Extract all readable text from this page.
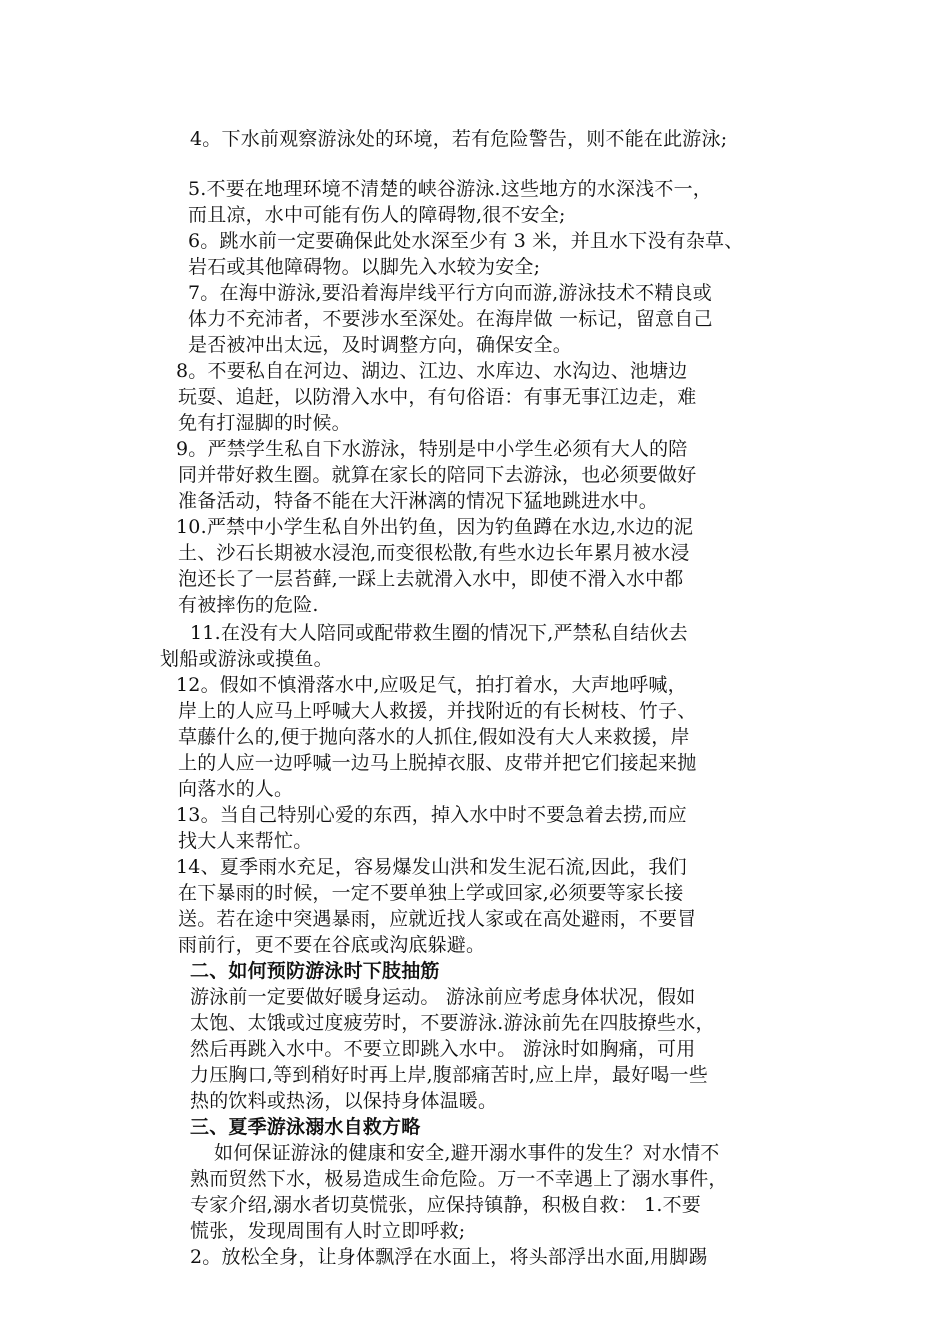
4。下水前观察游泳处的环境，若有危险警告，则不能在此游泳;
5.不要在地理环境不清楚的峡谷游泳.这些地方的水深浅不一，
而且凉，水中可能有伤人的障碍物,很不安全;
6。跳水前一定要确保此处水深至少有 3 米，并且水下没有杂草、
岩石或其他障碍物。以脚先入水较为安全;
7。在海中游泳,要沿着海岸线平行方向而游,游泳技术不精良或
体力不充沛者，不要涉水至深处。在海岸做 一标记，留意自己
是否被冲出太远，及时调整方向，确保安全。
8。不要私自在河边、湖边、江边、水库边、水沟边、池塘边
玩耍、追赶，以防滑入水中，有句俗语：有事无事江边走，难
免有打湿脚的时候。
9。严禁学生私自下水游泳，特别是中小学生必须有大人的陪
同并带好救生圈。就算在家长的陪同下去游泳，也必须要做好
准备活动，特备不能在大汗淋漓的情况下猛地跳进水中。
10.严禁中小学生私自外出钓鱼，因为钓鱼蹲在水边,水边的泥
土、沙石长期被水浸泡,而变很松散,有些水边长年累月被水浸
泡还长了一层苔藓,一踩上去就滑入水中，即使不滑入水中都
有被摔伤的危险.
11.在没有大人陪同或配带救生圈的情况下,严禁私自结伙去
划船或游泳或摸鱼。
12。假如不慎滑落水中,应吸足气，拍打着水，大声地呼喊，
岸上的人应马上呼喊大人救援，并找附近的有长树枝、竹子、
草藤什么的,便于抛向落水的人抓住,假如没有大人来救援，岸
上的人应一边呼喊一边马上脱掉衣服、皮带并把它们接起来抛
向落水的人。
13。当自己特别心爱的东西，掉入水中时不要急着去捞,而应
找大人来帮忙。
14、夏季雨水充足，容易爆发山洪和发生泥石流,因此，我们
在下暴雨的时候，一定不要单独上学或回家,必须要等家长接
送。若在途中突遇暴雨，应就近找人家或在高处避雨，不要冒
雨前行，更不要在谷底或沟底躲避。
二、如何预防游泳时下肢抽筋
游泳前一定要做好暖身运动。 游泳前应考虑身体状况，假如
太饱、太饿或过度疲劳时，不要游泳.游泳前先在四肢撩些水，
然后再跳入水中。不要立即跳入水中。 游泳时如胸痛，可用
力压胸口,等到稍好时再上岸,腹部痛苦时,应上岸，最好喝一些
热的饮料或热汤，以保持身体温暖。
三、夏季游泳溺水自救方略
如何保证游泳的健康和安全,避开溺水事件的发生？对水情不
熟而贸然下水，极易造成生命危险。万一不幸遇上了溺水事件，
专家介绍,溺水者切莫慌张，应保持镇静，积极自救： 1.不要
慌张，发现周围有人时立即呼救;
2。放松全身，让身体飘浮在水面上，将头部浮出水面,用脚踢
